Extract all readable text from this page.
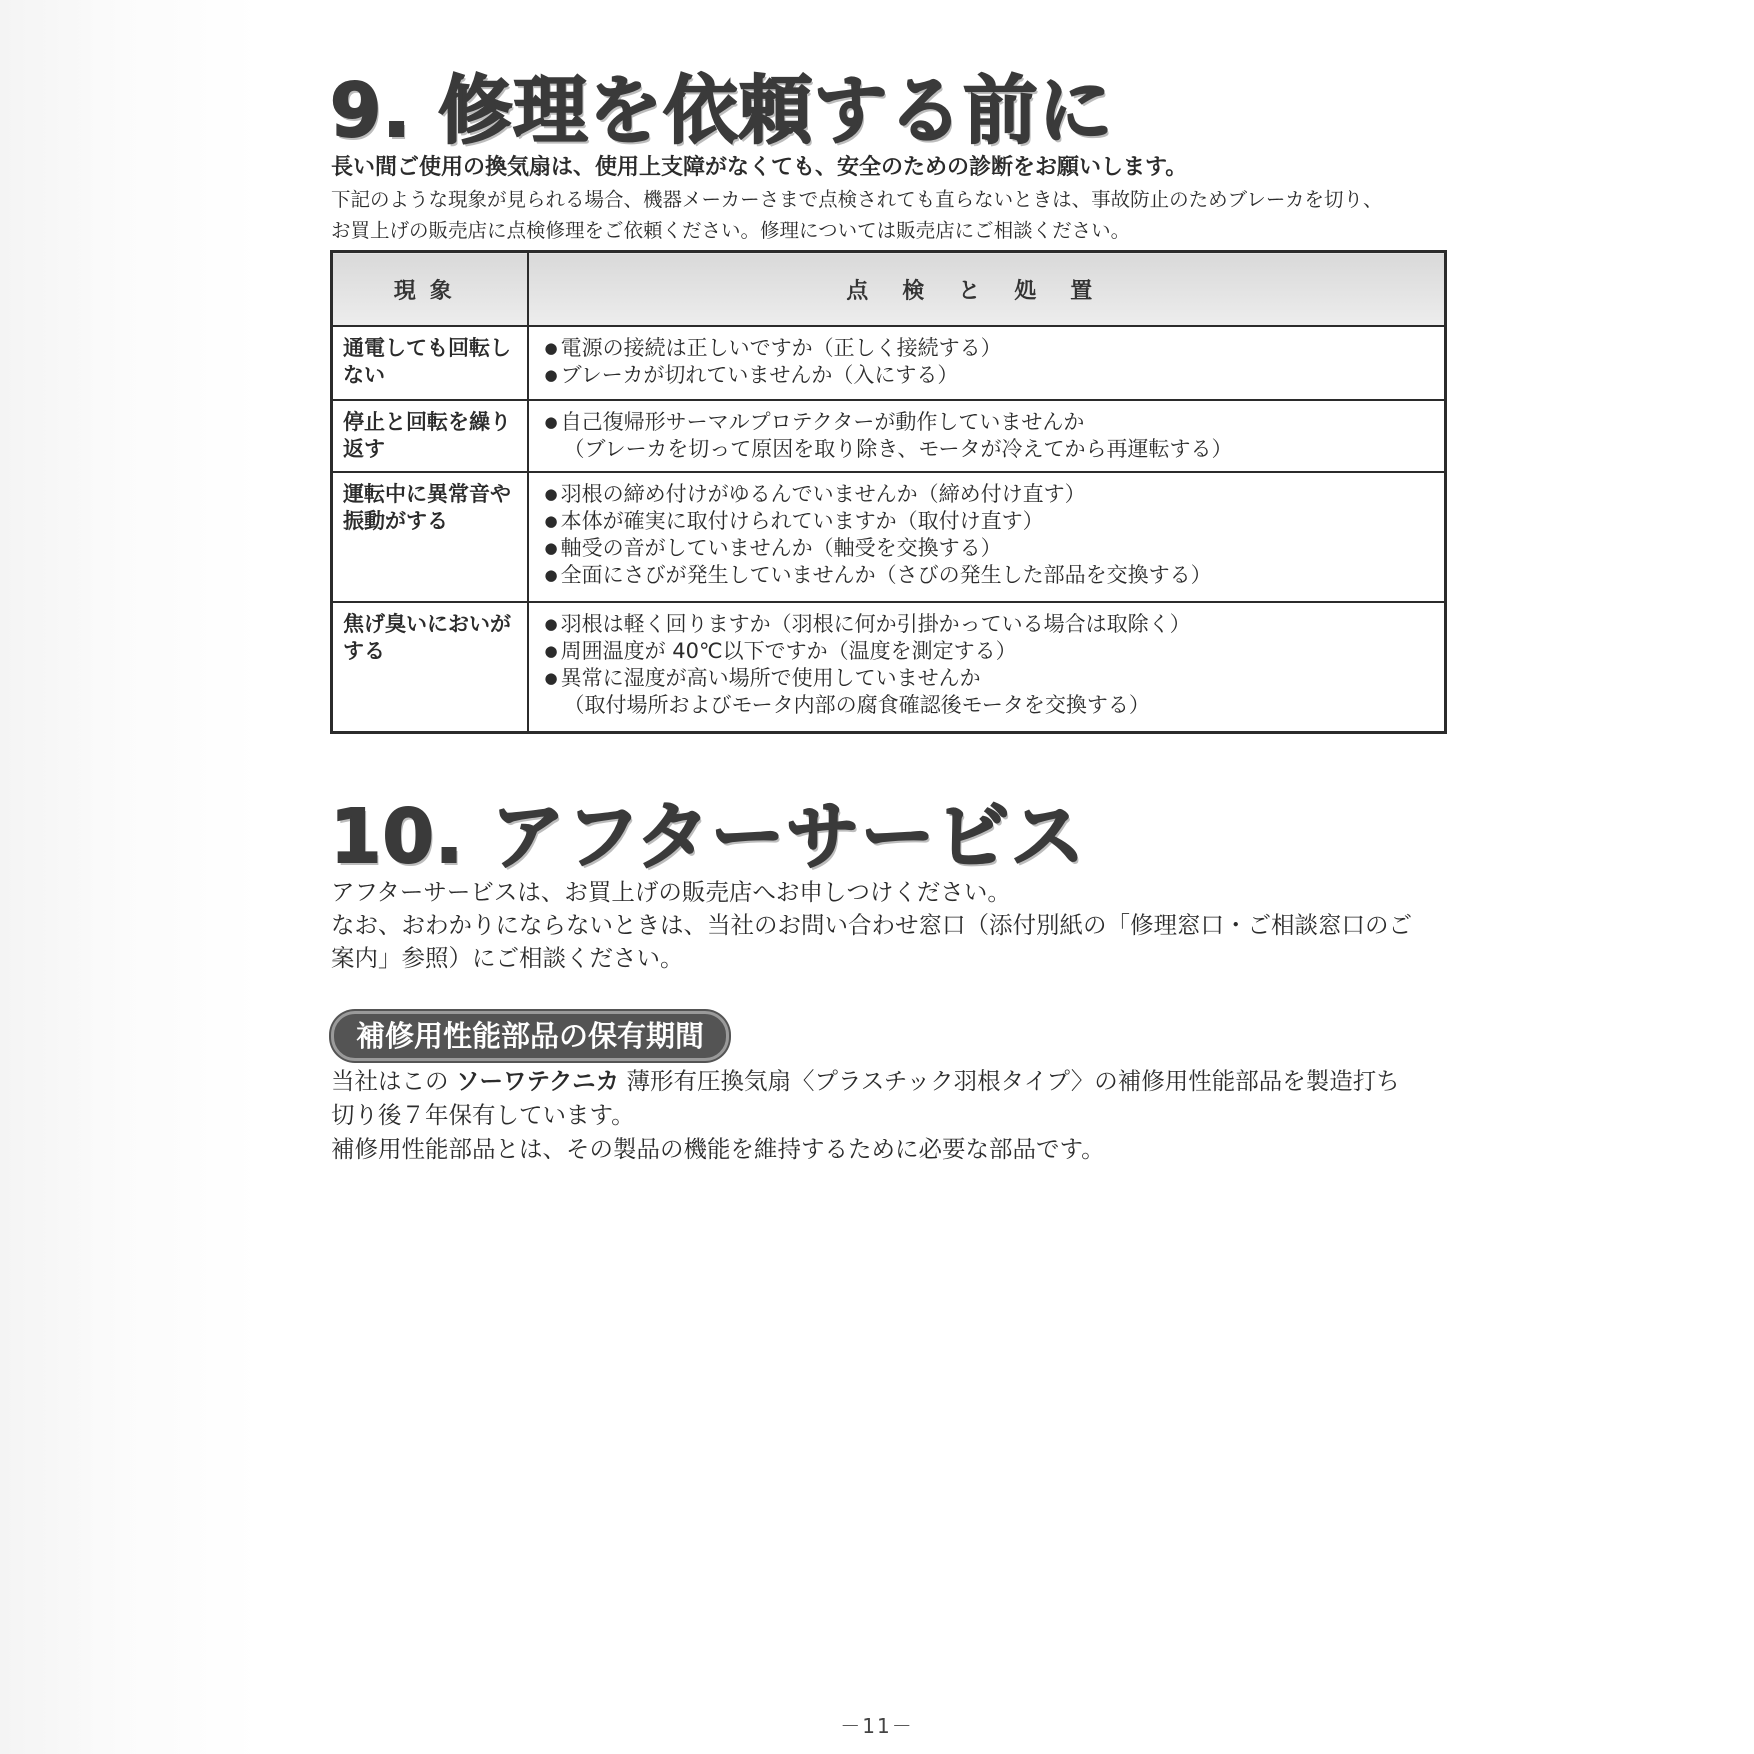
9. 修理を依頼する前に

長い間ご使用の換気扇は、使用上支障がなくても、安全のための診断をお願いします。

下記のような現象が見られる場合、機器メーカーさまで点検されても直らないときは、事故防止のためブレーカを切り、
お買上げの販売店に点検修理をご依頼ください。修理については販売店にご相談ください。

現象	点検と処置
通電しても回転しない	● 電源の接続は正しいですか（正しく接続する）
● ブレーカが切れていませんか（入にする）

停止と回転を繰り返す	● 自己復帰形サーマルプロテクターが動作していませんか
（ブレーカを切って原因を取り除き、モータが冷えてから再運転する）

運転中に異常音や振動がする	● 羽根の締め付けがゆるんでいませんか（締め付け直す）
● 本体が確実に取付けられていますか（取付け直す）
● 軸受の音がしていませんか（軸受を交換する）
● 全面にさびが発生していませんか（さびの発生した部品を交換する）

焦げ臭いにおいがする	● 羽根は軽く回りますか（羽根に何か引掛かっている場合は取除く）
● 周囲温度が 40℃以下ですか（温度を測定する）
● 異常に湿度が高い場所で使用していませんか
（取付場所およびモータ内部の腐食確認後モータを交換する）
10. アフターサービス

アフターサービスは、お買上げの販売店へお申しつけください。
なお、おわかりにならないときは、当社のお問い合わせ窓口（添付別紙の「修理窓口・ご相談窓口のご
案内」参照）にご相談ください。

補修用性能部品の保有期間

当社はこの ソーワテクニカ 薄形有圧換気扇〈プラスチック羽根タイプ〉の補修用性能部品を製造打ち
切り後７年保有しています。
補修用性能部品とは、その製品の機能を維持するために必要な部品です。

－11－
